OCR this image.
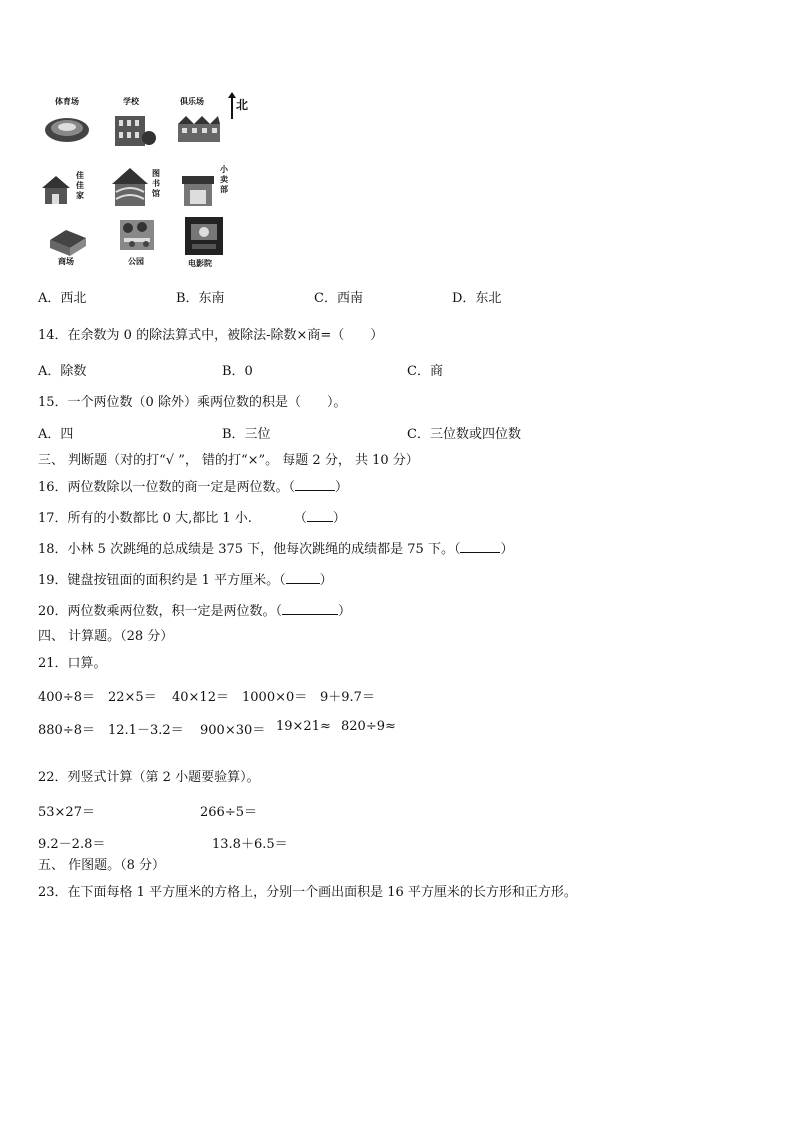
体育场	学校	俱乐场
佳佳家
图书馆
小卖部
商场	公园	电影院
北
A．西北	B．东南	C．西南	D．东北
14．在余数为 0 的除法算式中，被除法-除数×商=（　　）
A．除数	B．0	C．商
15．一个两位数（0 除外）乘两位数的积是（　　）。
A．四	B．三位	C．三位数或四位数
三、 判断题（对的打“√ ”， 错的打“×”。 每题 2 分， 共 10 分）
16．两位数除以一位数的商一定是两位数。（	）
17．所有的小数都比 0 大,都比 1 小.	（ ）
18．小林 5 次跳绳的总成绩是 375 下，他每次跳绳的成绩都是 75 下。（	）
19．键盘按钮面的面积约是 1 平方厘米。（	）
20．两位数乘两位数，积一定是两位数。（	）
四、 计算题。（28 分）
21．口算。
400÷8＝ 22×5＝ 40×12＝ 1000×0＝ 9＋9.7＝
880÷8＝ 12.1－3.2＝ 900×30＝ 19×21≈ 820÷9≈
22．列竖式计算（第 2 小题要验算）。
53×27＝	266÷5＝
9.2－2.8＝	13.8＋6.5＝
五、 作图题。（8 分）
23．在下面每格 1 平方厘米的方格上，分别一个画出面积是 16 平方厘米的长方形和正方形。
